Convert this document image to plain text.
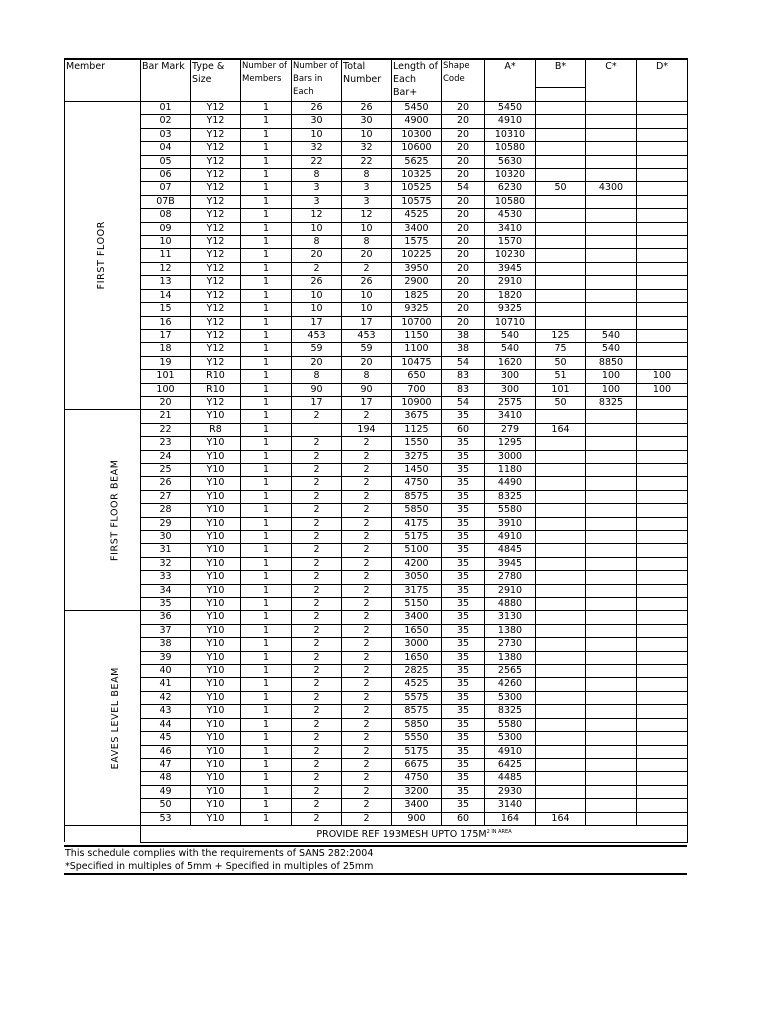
Member	Bar Mark	Type & Size	Number of Members	Number of Bars in Each	Total Number	Length of Each Bar+	Shape Code	A*	B*	C*	D*

FIRST FLOOR	01	Y12	1	26	26	5450	20	5450			
	02	Y12	1	30	30	4900	20	4910			
	03	Y12	1	10	10	10300	20	10310			
	04	Y12	1	32	32	10600	20	10580			
	05	Y12	1	22	22	5625	20	5630			
	06	Y12	1	8	8	10325	20	10320			
	07	Y12	1	3	3	10525	54	6230	50	4300	
	07B	Y12	1	3	3	10575	20	10580			
	08	Y12	1	12	12	4525	20	4530			
	09	Y12	1	10	10	3400	20	3410			
	10	Y12	1	8	8	1575	20	1570			
	11	Y12	1	20	20	10225	20	10230			
	12	Y12	1	2	2	3950	20	3945			
	13	Y12	1	26	26	2900	20	2910			
	14	Y12	1	10	10	1825	20	1820			
	15	Y12	1	10	10	9325	20	9325			
	16	Y12	1	17	17	10700	20	10710			
	17	Y12	1	453	453	1150	38	540	125	540	
	18	Y12	1	59	59	1100	38	540	75	540	
	19	Y12	1	20	20	10475	54	1620	50	8850	
	101	R10	1	8	8	650	83	300	51	100	100
	100	R10	1	90	90	700	83	300	101	100	100
	20	Y12	1	17	17	10900	54	2575	50	8325	
FIRST FLOOR BEAM	21	Y10	1	2	2	3675	35	3410			
	22	R8	1		194	1125	60	279	164		
	23	Y10	1	2	2	1550	35	1295			
	24	Y10	1	2	2	3275	35	3000			
	25	Y10	1	2	2	1450	35	1180			
	26	Y10	1	2	2	4750	35	4490			
	27	Y10	1	2	2	8575	35	8325			
	28	Y10	1	2	2	5850	35	5580			
	29	Y10	1	2	2	4175	35	3910			
	30	Y10	1	2	2	5175	35	4910			
	31	Y10	1	2	2	5100	35	4845			
	32	Y10	1	2	2	4200	35	3945			
	33	Y10	1	2	2	3050	35	2780			
	34	Y10	1	2	2	3175	35	2910			
	35	Y10	1	2	2	5150	35	4880			
EAVES LEVEL BEAM	36	Y10	1	2	2	3400	35	3130			
	37	Y10	1	2	2	1650	35	1380			
	38	Y10	1	2	2	3000	35	2730			
	39	Y10	1	2	2	1650	35	1380			
	40	Y10	1	2	2	2825	35	2565			
	41	Y10	1	2	2	4525	35	4260			
	42	Y10	1	2	2	5575	35	5300			
	43	Y10	1	2	2	8575	35	8325			
	44	Y10	1	2	2	5850	35	5580			
	45	Y10	1	2	2	5550	35	5300			
	46	Y10	1	2	2	5175	35	4910			
	47	Y10	1	2	2	6675	35	6425			
	48	Y10	1	2	2	4750	35	4485			
	49	Y10	1	2	2	3200	35	2930			
	50	Y10	1	2	2	3400	35	3140			
	53	Y10	1	2	2	900	60	164	164		
	PROVIDE REF 193MESH UPTO $175M^{2 IN AREA}$
This schedule complies with the requirements of SANS 282:2004
*Specified in multiples of 5mm + Specified in multiples of 25mm
